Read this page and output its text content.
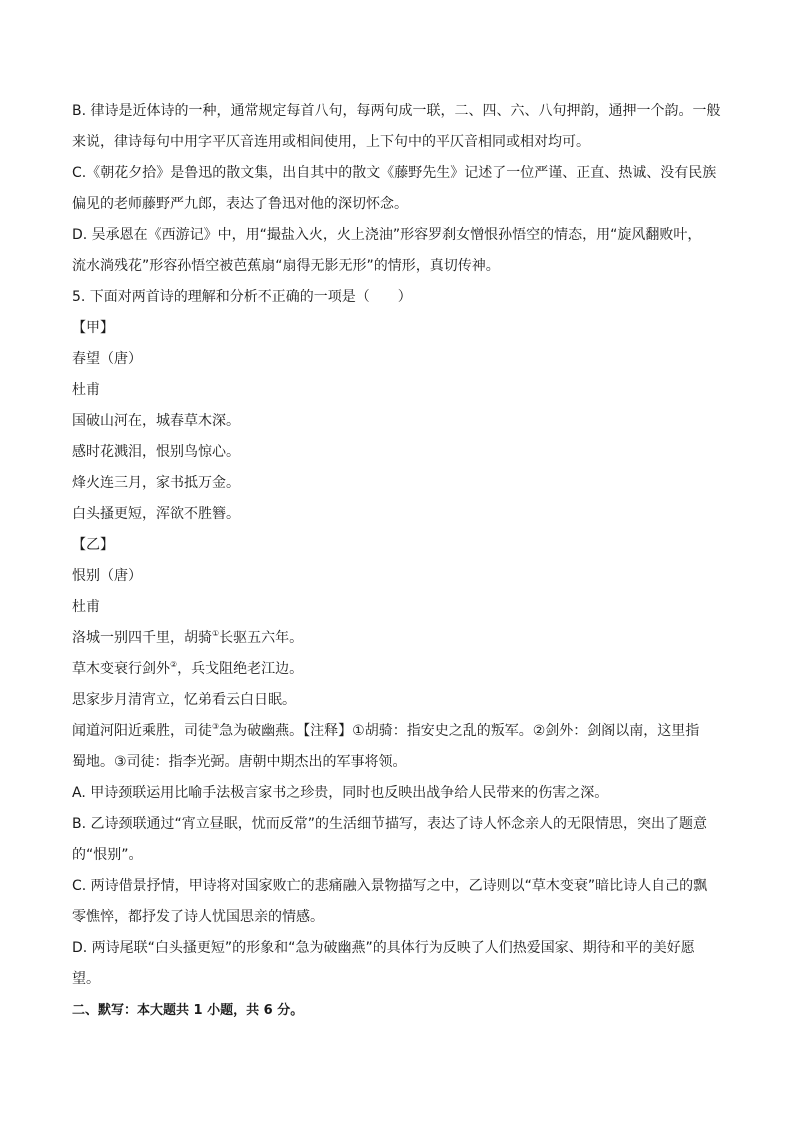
B. 律诗是近体诗的一种，通常规定每首八句，每两句成一联，二、四、六、八句押韵，通押一个韵。一般
来说，律诗每句中用字平仄音连用或相间使用，上下句中的平仄音相同或相对均可。
C.《朝花夕拾》是鲁迅的散文集，出自其中的散文《藤野先生》记述了一位严谨、正直、热诚、没有民族
偏见的老师藤野严九郎，表达了鲁迅对他的深切怀念。
D. 吴承恩在《西游记》中，用“撮盐入火，火上浇油”形容罗刹女憎恨孙悟空的情态，用“旋风翻败叶，
流水淌残花”形容孙悟空被芭蕉扇“扇得无影无形”的情形，真切传神。
5. 下面对两首诗的理解和分析不正确的一项是（　　）
【甲】
春望（唐）
杜甫
国破山河在，城春草木深。
感时花溅泪，恨别鸟惊心。
烽火连三月，家书抵万金。
白头搔更短，浑欲不胜簪。
【乙】
恨别（唐）
杜甫
洛城一别四千里，胡骑①长驱五六年。
草木变衰行剑外②，兵戈阻绝老江边。
思家步月清宵立，忆弟看云白日眠。
闻道河阳近乘胜，司徒③急为破幽燕。【注释】①胡骑：指安史之乱的叛军。②剑外：剑阁以南，这里指
蜀地。③司徒：指李光弼。唐朝中期杰出的军事将领。
A. 甲诗颈联运用比喻手法极言家书之珍贵，同时也反映出战争给人民带来的伤害之深。
B. 乙诗颈联通过“宵立昼眠，忧而反常”的生活细节描写，表达了诗人怀念亲人的无限情思，突出了题意
的“恨别”。
C. 两诗借景抒情，甲诗将对国家败亡的悲痛融入景物描写之中，乙诗则以“草木变衰”暗比诗人自己的飘
零憔悴，都抒发了诗人忧国思亲的情感。
D. 两诗尾联“白头搔更短”的形象和“急为破幽燕”的具体行为反映了人们热爱国家、期待和平的美好愿
望。
二、默写：本大题共 1 小题，共 6 分。
